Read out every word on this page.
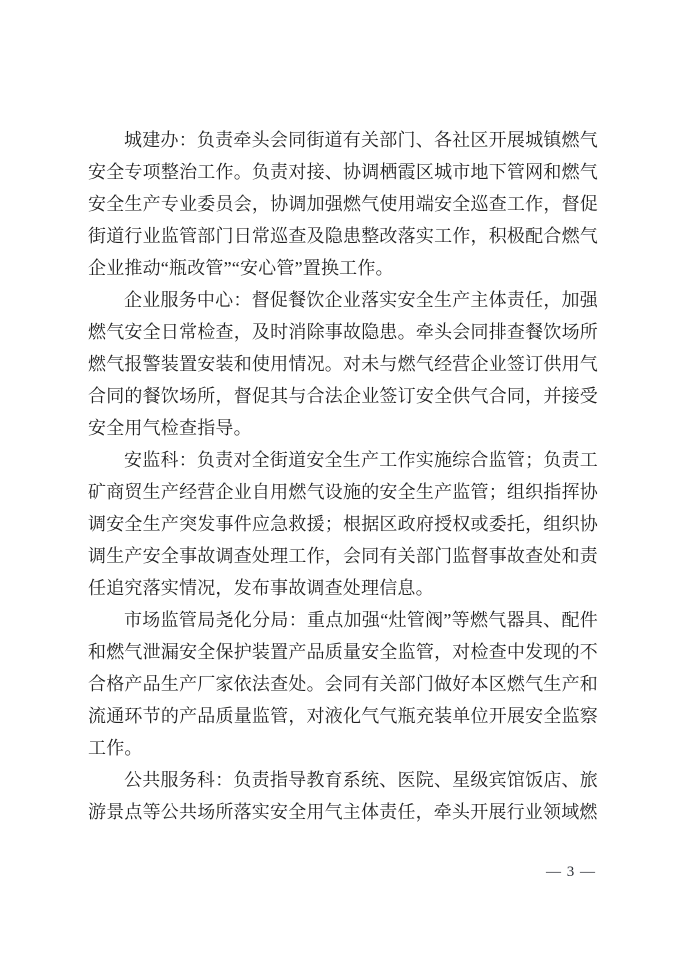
城建办：负责牵头会同街道有关部门、各社区开展城镇燃气安全专项整治工作。负责对接、协调栖霞区城市地下管网和燃气安全生产专业委员会，协调加强燃气使用端安全巡查工作，督促街道行业监管部门日常巡查及隐患整改落实工作，积极配合燃气企业推动“瓶改管”“安心管”置换工作。

企业服务中心：督促餐饮企业落实安全生产主体责任，加强燃气安全日常检查，及时消除事故隐患。牵头会同排查餐饮场所燃气报警装置安装和使用情况。对未与燃气经营企业签订供用气合同的餐饮场所，督促其与合法企业签订安全供气合同，并接受安全用气检查指导。

安监科：负责对全街道安全生产工作实施综合监管；负责工矿商贸生产经营企业自用燃气设施的安全生产监管；组织指挥协调安全生产突发事件应急救援；根据区政府授权或委托，组织协调生产安全事故调查处理工作，会同有关部门监督事故查处和责任追究落实情况，发布事故调查处理信息。

市场监管局尧化分局：重点加强“灶管阀”等燃气器具、配件和燃气泄漏安全保护装置产品质量安全监管，对检查中发现的不合格产品生产厂家依法查处。会同有关部门做好本区燃气生产和流通环节的产品质量监管，对液化气气瓶充装单位开展安全监察工作。

公共服务科：负责指导教育系统、医院、星级宾馆饭店、旅游景点等公共场所落实安全用气主体责任，牵头开展行业领域燃

— 3 —
